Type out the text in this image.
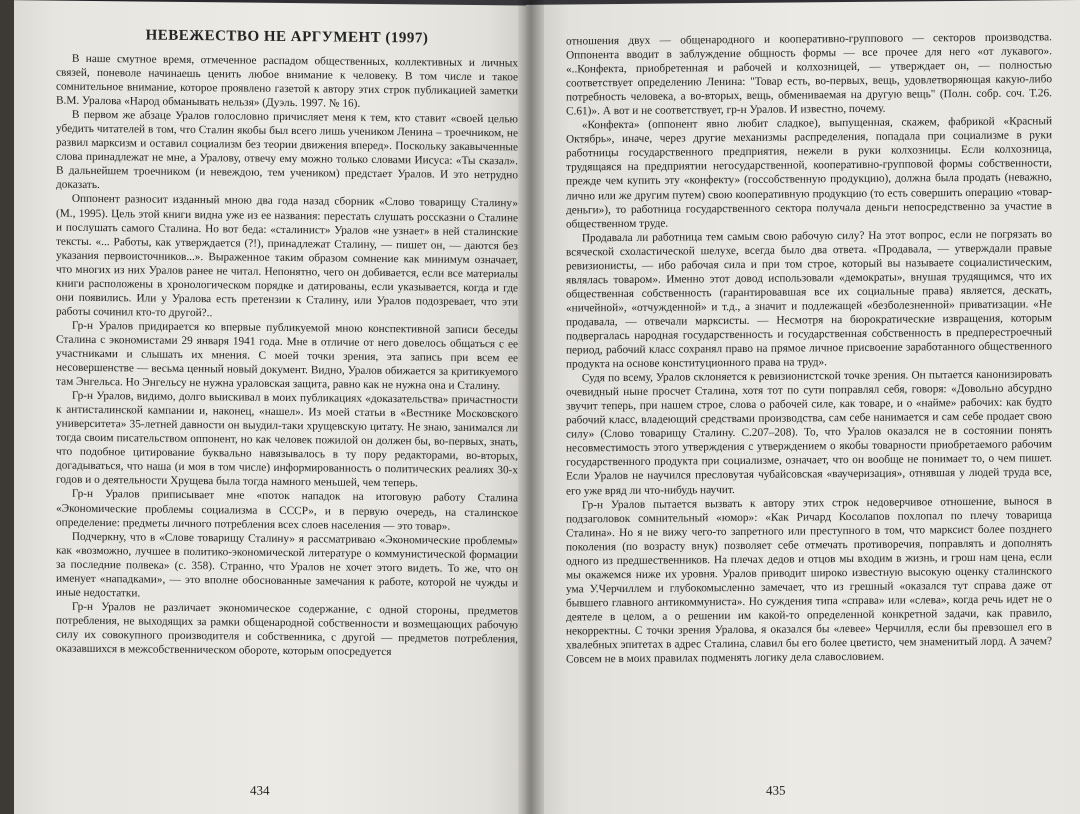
НЕВЕЖЕСТВО НЕ АРГУМЕНТ (1997)

В наше смутное время, отмеченное распадом общественных, коллективных и личных связей, поневоле начинаешь ценить любое внимание к человеку. В том числе и такое сомнительное внимание, которое проявлено газетой к автору этих строк публикацией заметки В.М. Уралова «Народ обманывать нельзя» (Дуэль. 1997. № 16).

В первом же абзаце Уралов голословно причисляет меня к тем, кто ставит «своей целью убедить читателей в том, что Сталин якобы был всего лишь учеником Ленина – троечником, не развил марксизм и оставил социализм без теории движения вперед». Поскольку закавыченные слова принадлежат не мне, а Уралову, отвечу ему можно только словами Иисуса: «Ты сказал». В дальнейшем троечником (и невеждою, тем учеником) предстает Уралов. И это нетрудно доказать.

Оппонент разносит изданный мною два года назад сборник «Слово товарищу Сталину» (М., 1995). Цель этой книги видна уже из ее названия: перестать слушать россказни о Сталине и послушать самого Сталина. Но вот беда: «сталинист» Уралов «не узнает» в ней сталинские тексты. «... Работы, как утверждается (?!), принадлежат Сталину, — пишет он, — даются без указания первоисточников...». Выраженное таким образом сомнение как минимум означает, что многих из них Уралов ранее не читал. Непонятно, чего он добивается, если все материалы книги расположены в хронологическом порядке и датированы, если указывается, когда и где они появились. Или у Уралова есть претензии к Сталину, или Уралов подозревает, что эти работы сочинил кто-то другой?..

Гр-н Уралов придирается ко впервые публикуемой мною конспективной записи беседы Сталина с экономистами 29 января 1941 года. Мне в отличие от него довелось общаться с ее участниками и слышать их мнения. С моей точки зрения, эта запись при всем ее несовершенстве — весьма ценный новый документ. Видно, Уралов обижается за критикуемого там Энгельса. Но Энгельсу не нужна урaловская защита, равно как не нужна она и Сталину.

Гр-н Уралов, видимо, долго выискивал в моих публикациях «доказательства» причастности к антисталинской кампании и, наконец, «нашел». Из моей статьи в «Вестнике Московского университета» 35-летней давности он выудил-таки хрущевскую цитату. Не знаю, занимался ли тогда своим писательством оппонент, но как человек пожилой он должен бы, во-первых, знать, что подобное цитирование буквально навязывалось в ту пору редакторами, во-вторых, догадываться, что наша (и моя в том числе) информированность о политических реалиях 30-х годов и о деятельности Хрущева была тогда намного меньшей, чем теперь.

Гр-н Уралов приписывает мне «поток нападок на итоговую работу Сталина «Экономические проблемы социализма в СССР», и в первую очередь, на сталинское определение: предметы личного потребления всех слоев населения — это товар».

Подчеркну, что в «Слове товарищу Сталину» я рассматриваю «Экономические проблемы» как «возможно, лучшее в политико-экономической литературе о коммунистической формации за последние полвека» (с. 358). Странно, что Уралов не хочет этого видеть. То же, что он именует «нападками», — это вполне обоснованные замечания к работе, которой не чужды и иные недостатки.

Гр-н Уралов не различает экономическое содержание, с одной стороны, предметов потребления, не выходящих за рамки общенародной собственности и возмещающих рабочую силу их совокупного производителя и собственника, с другой — предметов потребления, оказавшихся в межсобственническом обороте, которым опосредуется

434

отношения двух — общенародного и кооперативно-группового — секторов производства. Оппонента вводит в заблуждение общность формы — все прочее для него «от лукавого». «..Конфекта, приобретенная и рабочей и колхозницей, — утверждает он, — полностью соответствует определению Ленина: "Товар есть, во-первых, вещь, удовлетворяющая какую-либо потребность человека, а во-вторых, вещь, обмениваемая на другую вещь" (Полн. собр. соч. Т.26. С.61)». А вот и не соответствует, гр-н Уралов. И известно, почему.

«Конфекта» (оппонент явно любит сладкое), выпущенная, скажем, фабрикой «Красный Октябрь», иначе, через другие механизмы распределения, попадала при социализме в руки работницы государственного предприятия, нежели в руки колхозницы. Если колхозница, трудящаяся на предприятии негосударственной, кооперативно-групповой формы собственности, прежде чем купить эту «конфекту» (госсобственную продукцию), должна была продать (неважно, лично или же другим путем) свою кооперативную продукцию (то есть совершить операцию «товар-деньги»), то работница государственного сектора получала деньги непосредственно за участие в общественном труде.

Продавала ли работница тем самым свою рабочую силу? На этот вопрос, если не погрязать во всяческой схоластической шелухе, всегда было два ответа. «Продавала, — утверждали правые ревизионисты, — ибо рабочая сила и при том строе, который вы называете социалистическим, являлась товаром». Именно этот довод использовали «демократы», внушая трудящимся, что их общественная собственность (гарантировавшая все их социальные права) является, дескать, «ничейной», «отчужденной» и т.д., а значит и подлежащей «безболезненной» приватизации. «Не продавала, — отвечали марксисты. — Несмотря на бюрократические извращения, которым подвергалась народная государственность и государственная собственность в предперестроечный период, рабочий класс сохранял право на прямое личное присвоение заработанного общественного продукта на основе конституционного права на труд».

Судя по всему, Уралов склоняется к ревизионистской точке зрения. Он пытается канонизировать очевидный ныне просчет Сталина, хотя тот по сути поправлял себя, говоря: «Довольно абсурдно звучит теперь, при нашем строе, слова о рабочей силе, как товаре, и о «найме» рабочих: как будто рабочий класс, владеющий средствами производства, сам себе нанимается и сам себе продает свою силу» (Слово товарищу Сталину. С.207–208). То, что Уралов оказался не в состоянии понять несовместимость этого утверждения с утверждением о якобы товарности приобретаемого рабочим государственного продукта при социализме, означает, что он вообще не понимает то, о чем пишет. Если Уралов не научился преcловутая чубайсовская «ваучеризация», отнявшая у людей труда все, его уже вряд ли что-нибудь научит.

Гр-н Уралов пытается вызвать к автору этих строк недоверчивое отношение, вынося в подзаголовок сомнительный «юмор»: «Как Ричард Косолапов похлопал по плечу товарища Сталина». Но я не вижу чего-то запретного или преступного в том, что марксист более позднего поколения (по возрасту внук) позволяет себе отмечать противоречия, поправлять и дополнять одного из предшественников. На плечах дедов и отцов мы входим в жизнь, и грош нам цена, если мы окажемся ниже их уровня. Уралов приводит широко известную высокую оценку сталинского ума У.Черчиллем и глубокомысленно замечает, что из грешный «оказался тут справа даже от бывшего главного антикоммуниста». Но суждения типа «справа» или «слева», когда речь идет не о деятеле в целом, а о решении им какой-то определенной конкретной задачи, как правило, некорректны. С точки зрения Уралова, я оказался бы «левее» Черчилля, если бы превзошел его в хвалебных эпитетах в адрес Сталина, славил бы его более цветисто, чем знаменитый лорд. А зачем? Совсем не в моих правилах подменять логику дела славословием.

435
